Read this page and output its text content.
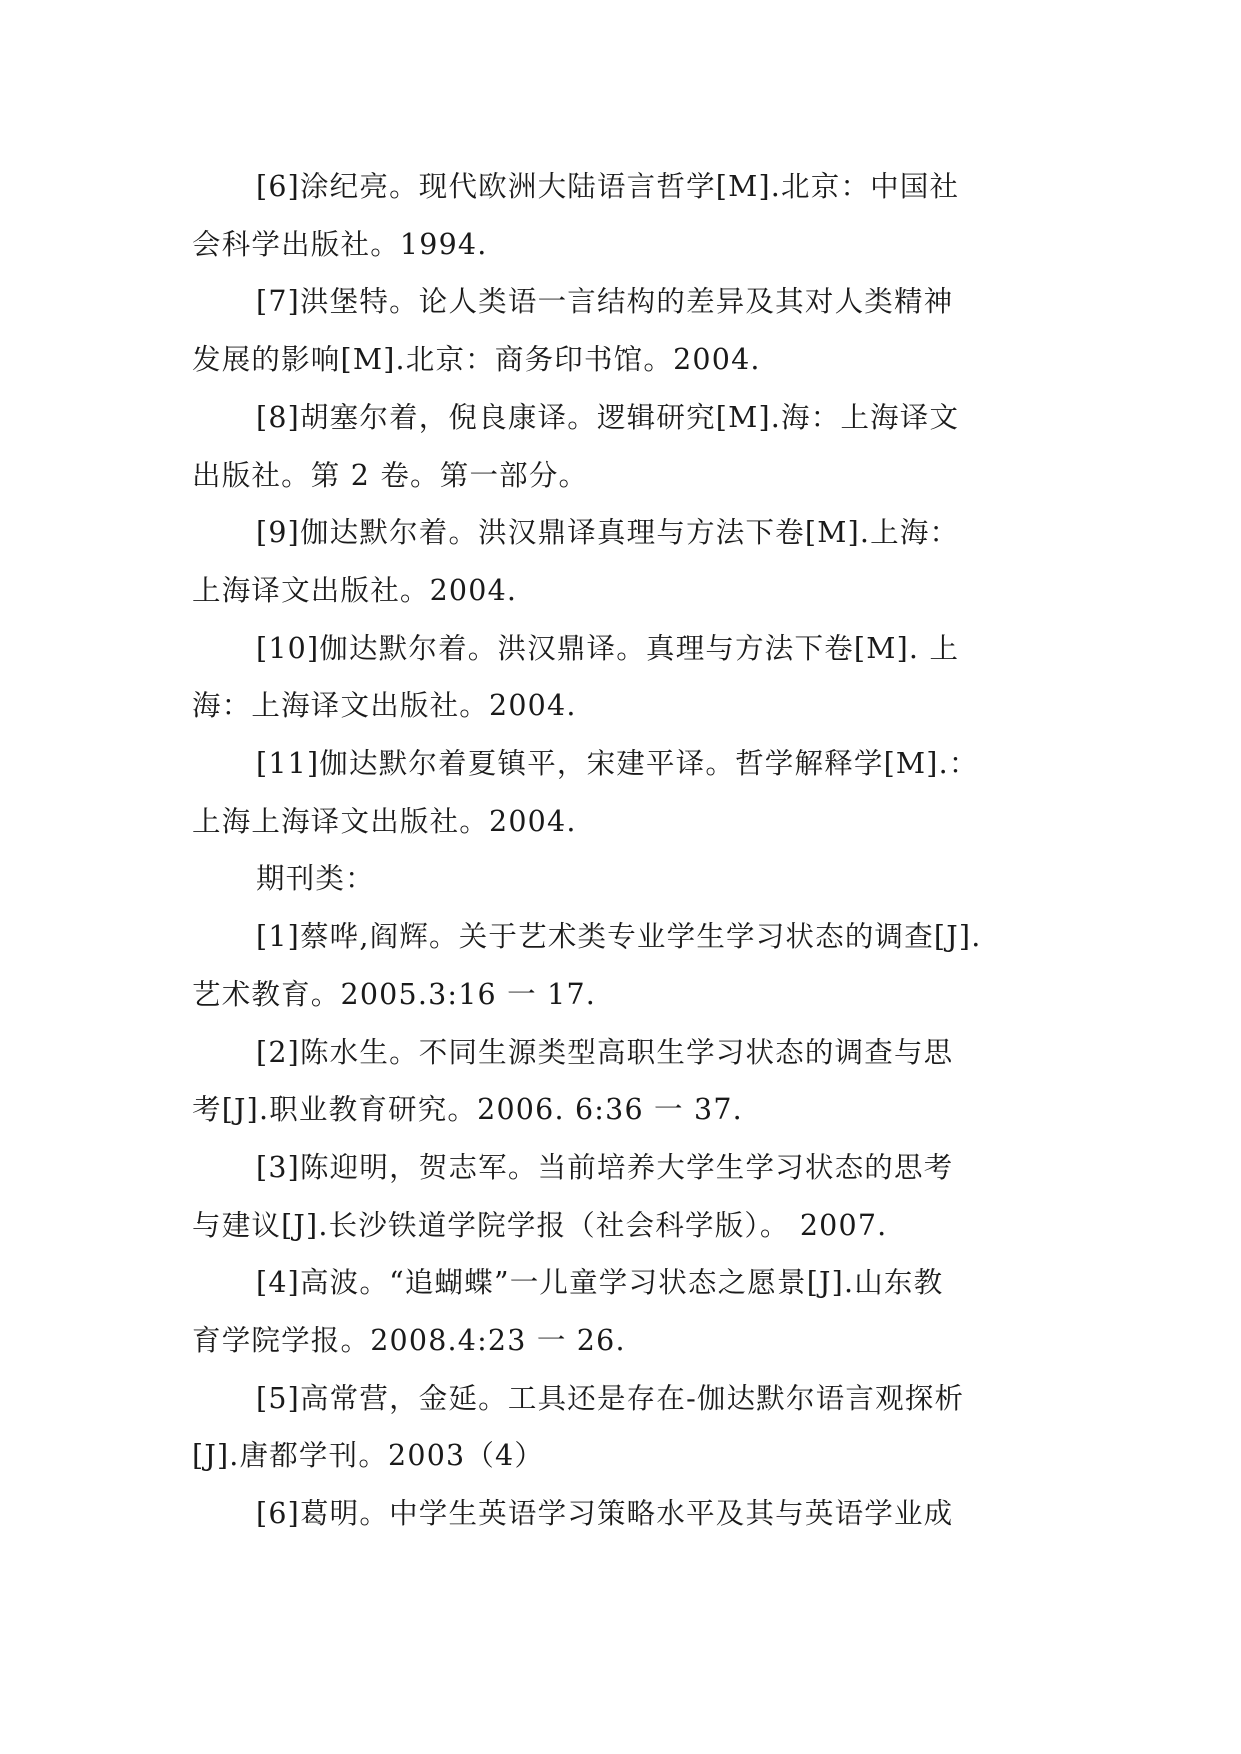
[6]涂纪亮。现代欧洲大陆语言哲学[M].北京：中国社
会科学出版社。1994.
[7]洪堡特。论人类语一言结构的差异及其对人类精神
发展的影响[M].北京：商务印书馆。2004.
[8]胡塞尔着，倪良康译。逻辑研究[M].海：上海译文
出版社。第 2 卷。第一部分。
[9]伽达默尔着。洪汉鼎译真理与方法下卷[M].上海：
上海译文出版社。2004.
[10]伽达默尔着。洪汉鼎译。真理与方法下卷[M]. 上
海：上海译文出版社。2004.
[11]伽达默尔着夏镇平，宋建平译。哲学解释学[M].：
上海上海译文出版社。2004.
期刊类：
[1]蔡哗,阎辉。关于艺术类专业学生学习状态的调查[J].
艺术教育。2005.3:16 一 17.
[2]陈水生。不同生源类型高职生学习状态的调查与思
考[J].职业教育研究。2006. 6:36 一 37.
[3]陈迎明，贺志军。当前培养大学生学习状态的思考
与建议[J].长沙铁道学院学报（社会科学版）。 2007.
[4]高波。“追蝴蝶”一儿童学习状态之愿景[J].山东教
育学院学报。2008.4:23 一 26.
[5]高常营，金延。工具还是存在-伽达默尔语言观探析
[J].唐都学刊。2003（4）
[6]葛明。中学生英语学习策略水平及其与英语学业成
